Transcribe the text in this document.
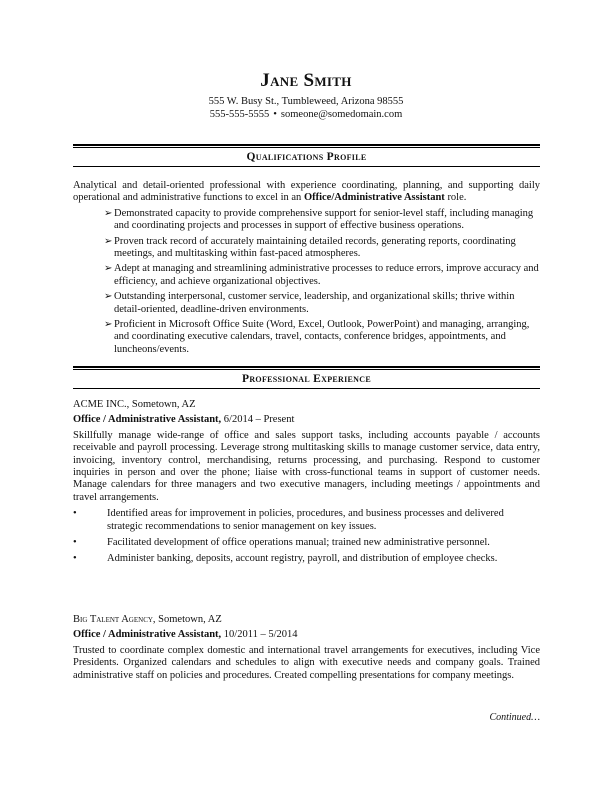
Jane Smith
555 W. Busy St., Tumbleweed, Arizona 98555
555-555-5555 • someone@somedomain.com
Qualifications Profile
Analytical and detail-oriented professional with experience coordinating, planning, and supporting daily operational and administrative functions to excel in an Office/Administrative Assistant role.
➢ Demonstrated capacity to provide comprehensive support for senior-level staff, including managing and coordinating projects and processes in support of effective business operations.
➢ Proven track record of accurately maintaining detailed records, generating reports, coordinating meetings, and multitasking within fast-paced atmospheres.
➢ Adept at managing and streamlining administrative processes to reduce errors, improve accuracy and efficiency, and achieve organizational objectives.
➢ Outstanding interpersonal, customer service, leadership, and organizational skills; thrive within detail-oriented, deadline-driven environments.
➢ Proficient in Microsoft Office Suite (Word, Excel, Outlook, PowerPoint) and managing, arranging, and coordinating executive calendars, travel, contacts, conference bridges, appointments, and luncheons/events.
Professional Experience
ACME INC., Sometown, AZ
Office / Administrative Assistant, 6/2014 – Present
Skillfully manage wide-range of office and sales support tasks, including accounts payable / accounts receivable and payroll processing. Leverage strong multitasking skills to manage customer service, data entry, invoicing, inventory control, merchandising, returns processing, and purchasing. Respond to customer inquiries in person and over the phone; liaise with cross-functional teams in support of customer needs. Manage calendars for three managers and two executive managers, including meetings / appointments and travel arrangements.
•	Identified areas for improvement in policies, procedures, and business processes and delivered strategic recommendations to senior management on key issues.
•	Facilitated development of office operations manual; trained new administrative personnel.
•	Administer banking, deposits, account registry, payroll, and distribution of employee checks.
Big Talent Agency, Sometown, AZ
Office / Administrative Assistant, 10/2011 – 5/2014
Trusted to coordinate complex domestic and international travel arrangements for executives, including Vice Presidents. Organized calendars and schedules to align with executive needs and company goals. Trained administrative staff on policies and procedures. Created compelling presentations for company meetings.
Continued…
